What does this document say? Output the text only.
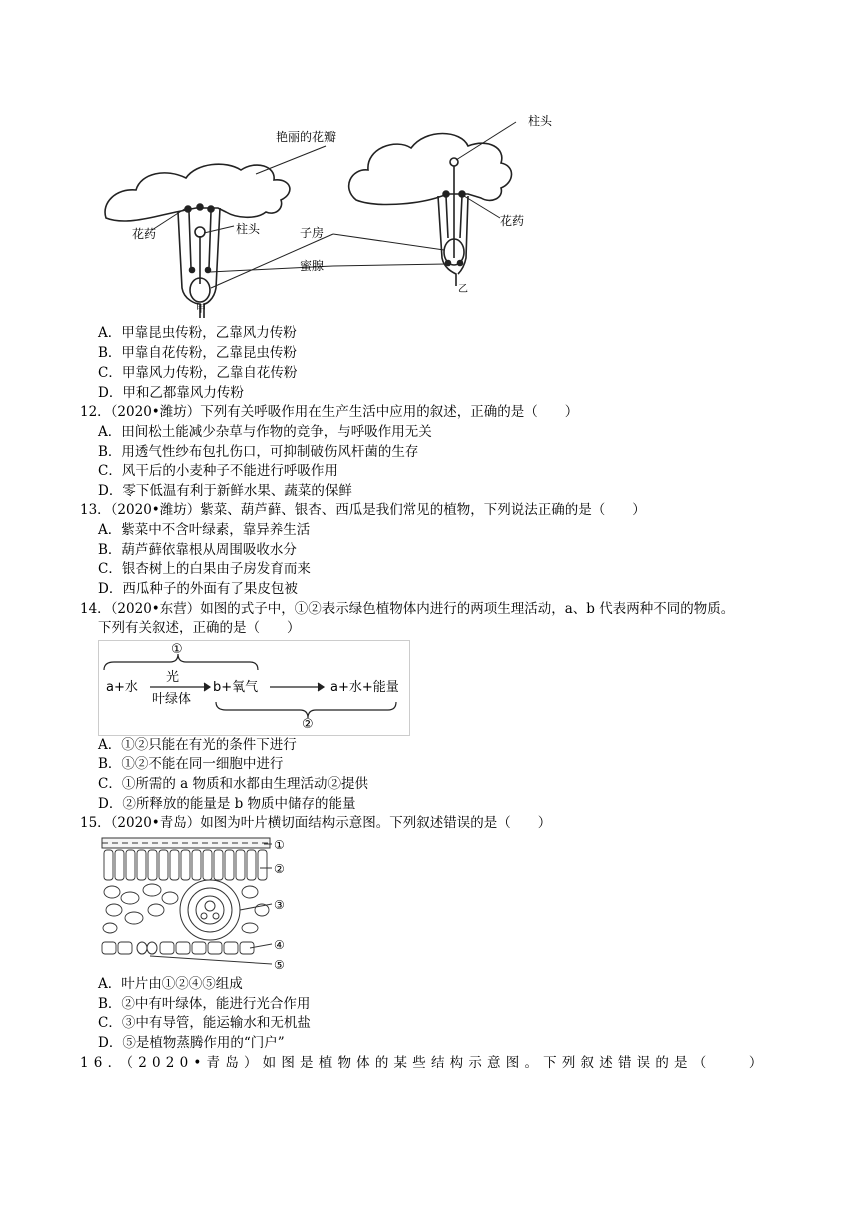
艳丽的花瓣
柱头
花药	子房
蜜腺
柱头
花药
甲
乙
A．甲靠昆虫传粉，乙靠风力传粉
B．甲靠自花传粉，乙靠昆虫传粉
C．甲靠风力传粉，乙靠自花传粉
D．甲和乙都靠风力传粉
12．（2020•潍坊）下列有关呼吸作用在生产生活中应用的叙述，正确的是（　　）
A．田间松土能减少杂草与作物的竞争，与呼吸作用无关
B．用透气性纱布包扎伤口，可抑制破伤风杆菌的生存
C．风干后的小麦种子不能进行呼吸作用
D．零下低温有利于新鲜水果、蔬菜的保鲜
13．（2020•潍坊）紫菜、葫芦藓、银杏、西瓜是我们常见的植物，下列说法正确的是（　　）
A．紫菜中不含叶绿素，靠异养生活
B．葫芦藓依靠根从周围吸收水分
C．银杏树上的白果由子房发育而来
D．西瓜种子的外面有了果皮包被
14．（2020•东营）如图的式子中，①②表示绿色植物体内进行的两项生理活动，a、b 代表两种不同的物质。
下列有关叙述，正确的是（　　）
①
a+水
光
叶绿体
b+氧气	a+水+能量
②
A．①②只能在有光的条件下进行
B．①②不能在同一细胞中进行
C．①所需的 a 物质和水都由生理活动②提供
D．②所释放的能量是 b 物质中储存的能量
15．（2020•青岛）如图为叶片横切面结构示意图。下列叙述错误的是（　　）
①
②
③
④
⑤
A．叶片由①②④⑤组成
B．②中有叶绿体，能进行光合作用
C．③中有导管，能运输水和无机盐
D．⑤是植物蒸腾作用的“门户”
16．（2020•青岛）如图是植物体的某些结构示意图。下列叙述错误的是（　　）
